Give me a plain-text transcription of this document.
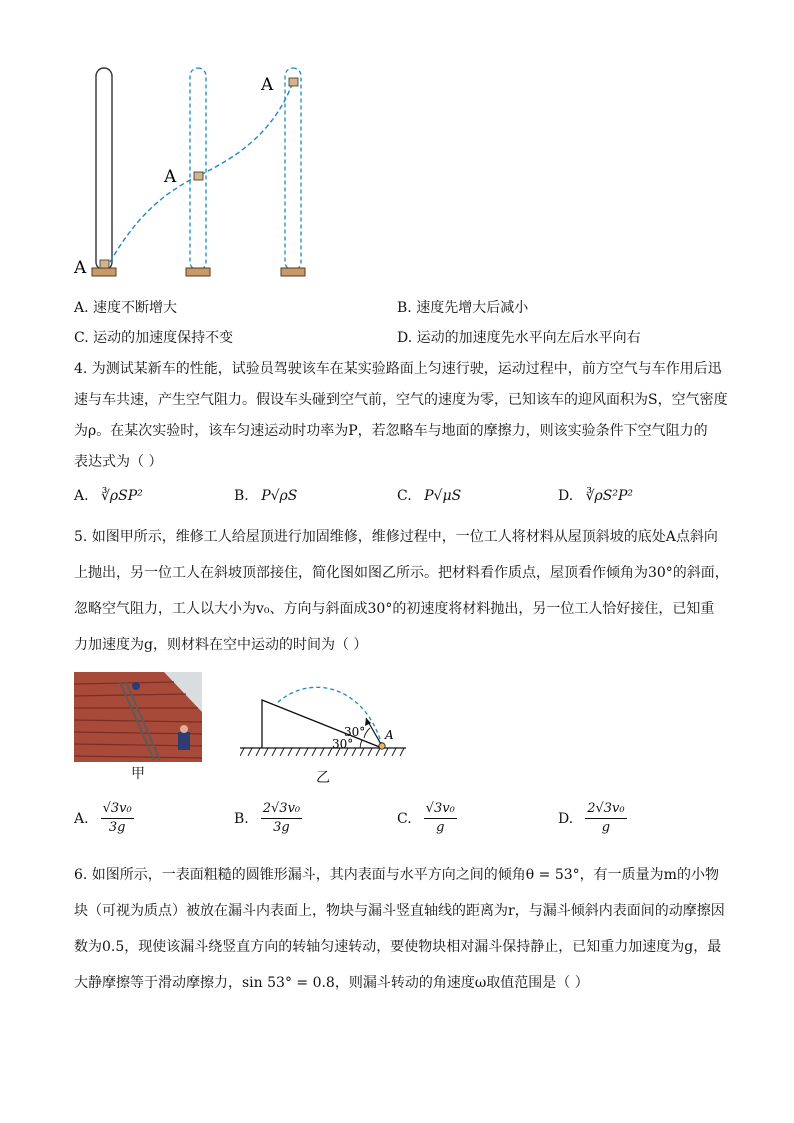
A
A
A
A. 速度不断增大	B. 速度先增大后减小
C. 运动的加速度保持不变	D. 运动的加速度先水平向左后水平向右
4. 为测试某新车的性能，试验员驾驶该车在某实验路面上匀速行驶，运动过程中，前方空气与车作用后迅
速与车共速，产生空气阻力。假设车头碰到空气前，空气的速度为零，已知该车的迎风面积为S，空气密度
为ρ。在某次实验时，该车匀速运动时功率为P，若忽略车与地面的摩擦力，则该实验条件下空气阻力的
表达式为（ ）
A. ∛ρSP²	B. P√ρS	C. P√μS	D. ∛ρS²P²
5. 如图甲所示，维修工人给屋顶进行加固维修，维修过程中，一位工人将材料从屋顶斜坡的底处A点斜向
上抛出，另一位工人在斜坡顶部接住，简化图如图乙所示。把材料看作质点，屋顶看作倾角为30°的斜面，
忽略空气阻力，工人以大小为v₀、方向与斜面成30°的初速度将材料抛出，另一位工人恰好接住，已知重
力加速度为g，则材料在空中运动的时间为（ ）
甲
30°
30°
A
乙
A. $\frac{\text{√3v₀}}{3g}$	B. $\frac{\text{2√3v₀}}{3g}$	C. $\frac{\text{√3v₀}}{g}$	D. $\frac{\text{2√3v₀}}{g}$
6. 如图所示，一表面粗糙的圆锥形漏斗，其内表面与水平方向之间的倾角θ = 53°，有一质量为m的小物
块（可视为质点）被放在漏斗内表面上，物块与漏斗竖直轴线的距离为r，与漏斗倾斜内表面间的动摩擦因
数为0.5，现使该漏斗绕竖直方向的转轴匀速转动，要使物块相对漏斗保持静止，已知重力加速度为g，最
大静摩擦等于滑动摩擦力，sin 53° = 0.8，则漏斗转动的角速度ω取值范围是（ ）
